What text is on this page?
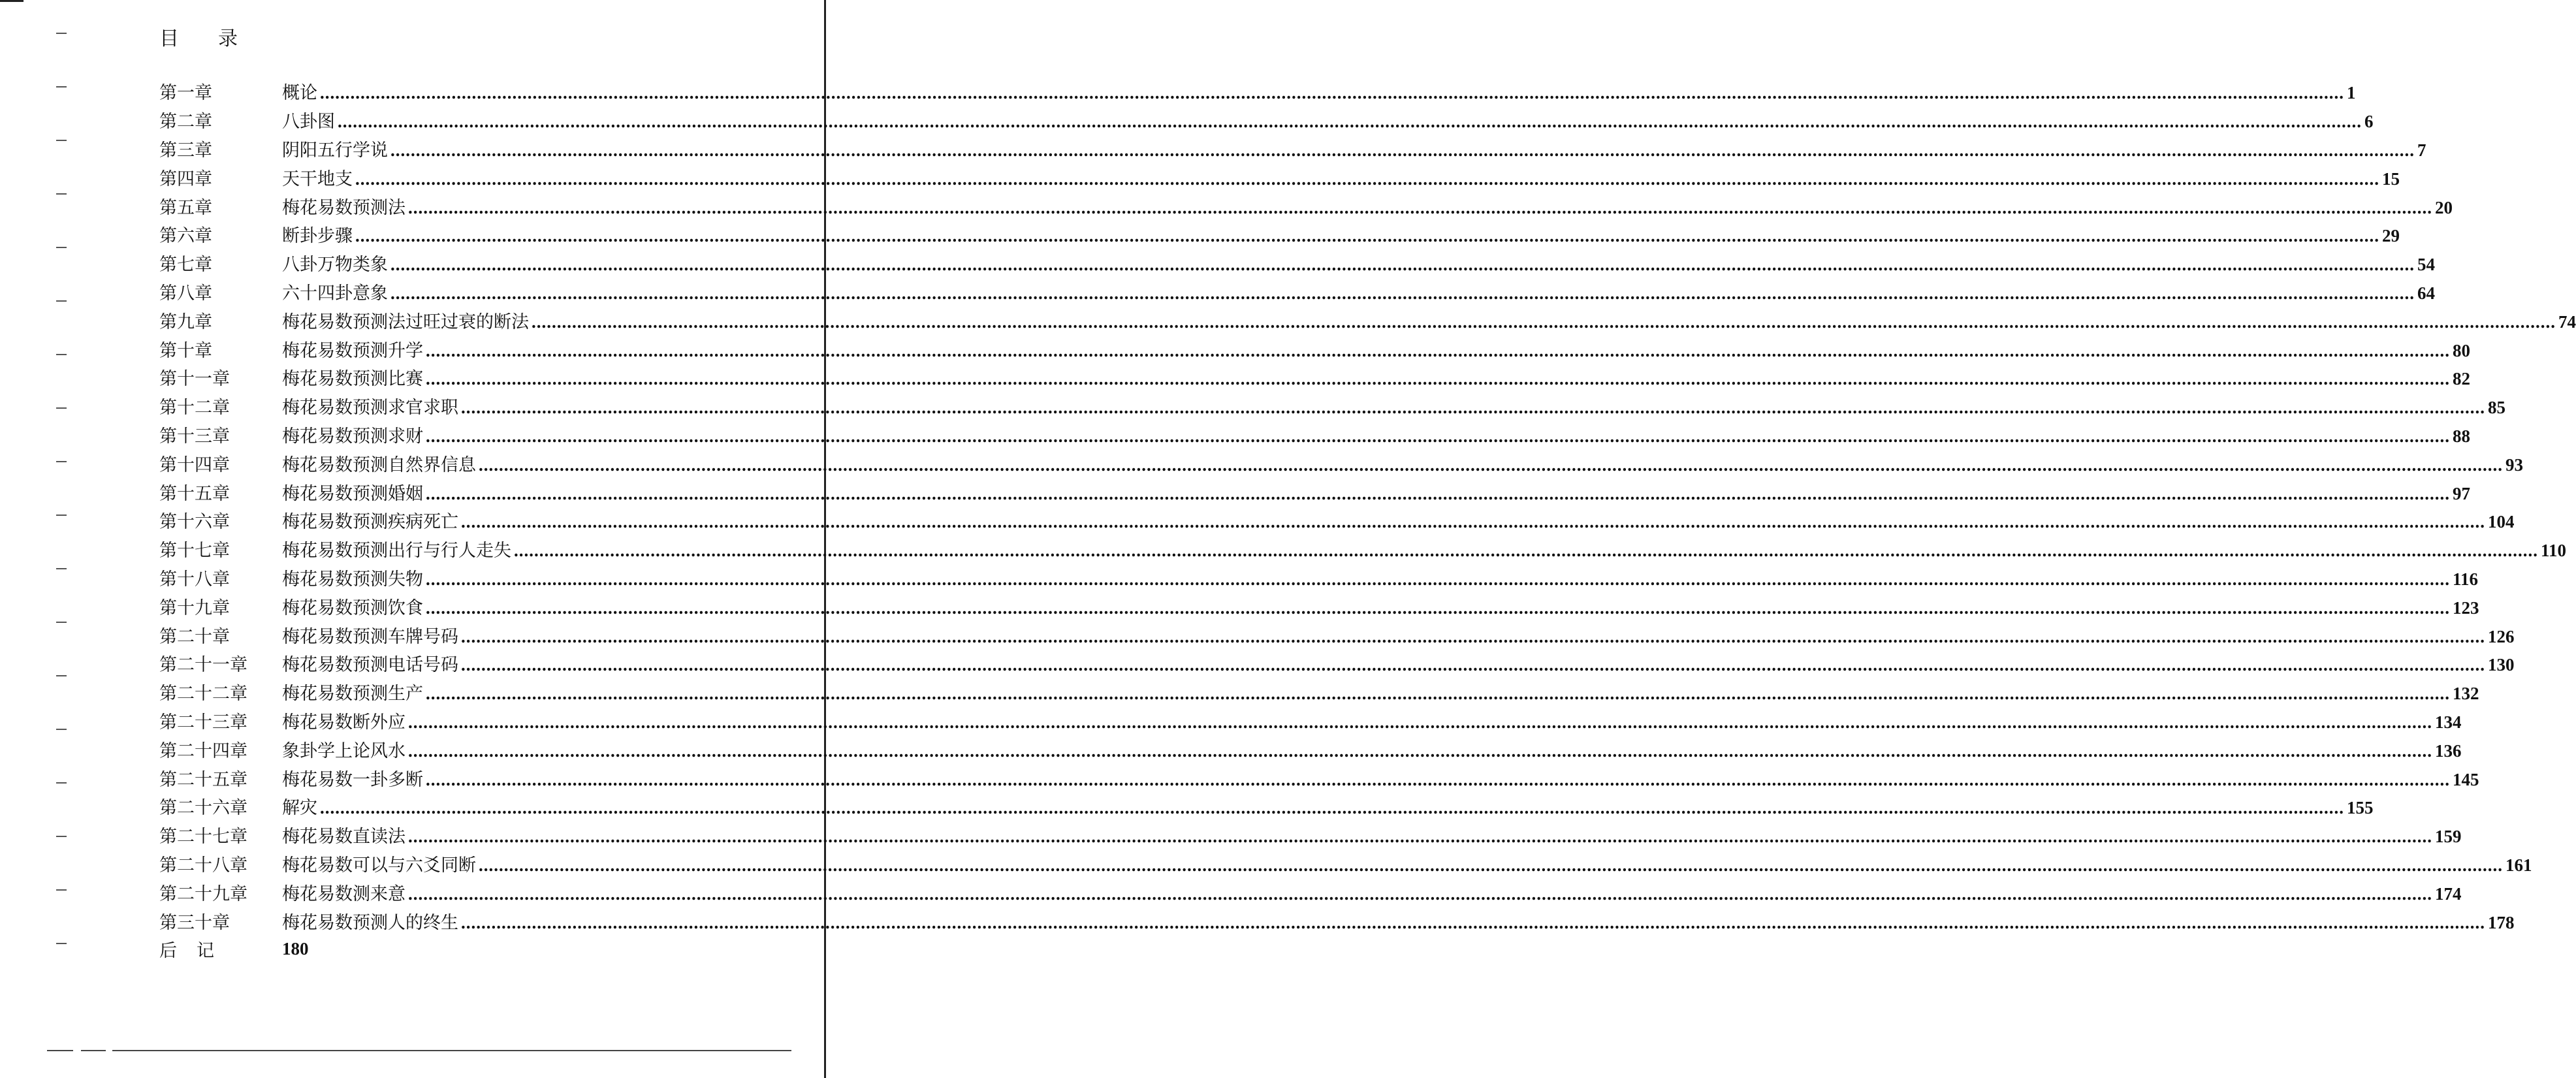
目 录
第一章	概论 ................................................................................................................................................................................................................................................................................................................................................................................................................ 1
第二章	八卦图 ................................................................................................................................................................................................................................................................................................................................................................................................................ 6
第三章	阴阳五行学说 ................................................................................................................................................................................................................................................................................................................................................................................................................ 7
第四章	天干地支 ................................................................................................................................................................................................................................................................................................................................................................................................................ 15
第五章	梅花易数预测法 ................................................................................................................................................................................................................................................................................................................................................................................................................ 20
第六章	断卦步骤 ................................................................................................................................................................................................................................................................................................................................................................................................................ 29
第七章	八卦万物类象 ................................................................................................................................................................................................................................................................................................................................................................................................................ 54
第八章	六十四卦意象 ................................................................................................................................................................................................................................................................................................................................................................................................................ 64
第九章	梅花易数预测法过旺过衰的断法 ................................................................................................................................................................................................................................................................................................................................................................................................................ 74
第十章	梅花易数预测升学 ................................................................................................................................................................................................................................................................................................................................................................................................................ 80
第十一章	梅花易数预测比赛 ................................................................................................................................................................................................................................................................................................................................................................................................................ 82
第十二章	梅花易数预测求官求职 ................................................................................................................................................................................................................................................................................................................................................................................................................ 85
第十三章	梅花易数预测求财 ................................................................................................................................................................................................................................................................................................................................................................................................................ 88
第十四章	梅花易数预测自然界信息 ................................................................................................................................................................................................................................................................................................................................................................................................................ 93
第十五章	梅花易数预测婚姻 ................................................................................................................................................................................................................................................................................................................................................................................................................ 97
第十六章	梅花易数预测疾病死亡 ................................................................................................................................................................................................................................................................................................................................................................................................................ 104
第十七章	梅花易数预测出行与行人走失 ................................................................................................................................................................................................................................................................................................................................................................................................................ 110
第十八章	梅花易数预测失物 ................................................................................................................................................................................................................................................................................................................................................................................................................ 116
第十九章	梅花易数预测饮食 ................................................................................................................................................................................................................................................................................................................................................................................................................ 123
第二十章	梅花易数预测车牌号码 ................................................................................................................................................................................................................................................................................................................................................................................................................ 126
第二十一章	梅花易数预测电话号码 ................................................................................................................................................................................................................................................................................................................................................................................................................ 130
第二十二章	梅花易数预测生产 ................................................................................................................................................................................................................................................................................................................................................................................................................ 132
第二十三章	梅花易数断外应 ................................................................................................................................................................................................................................................................................................................................................................................................................ 134
第二十四章	象卦学上论风水 ................................................................................................................................................................................................................................................................................................................................................................................................................ 136
第二十五章	梅花易数一卦多断 ................................................................................................................................................................................................................................................................................................................................................................................................................ 145
第二十六章	解灾 ................................................................................................................................................................................................................................................................................................................................................................................................................ 155
第二十七章	梅花易数直读法 ................................................................................................................................................................................................................................................................................................................................................................................................................ 159
第二十八章	梅花易数可以与六爻同断 ................................................................................................................................................................................................................................................................................................................................................................................................................ 161
第二十九章	梅花易数测来意 ................................................................................................................................................................................................................................................................................................................................................................................................................ 174
第三十章	梅花易数预测人的终生 ................................................................................................................................................................................................................................................................................................................................................................................................................ 178
后 记	180
